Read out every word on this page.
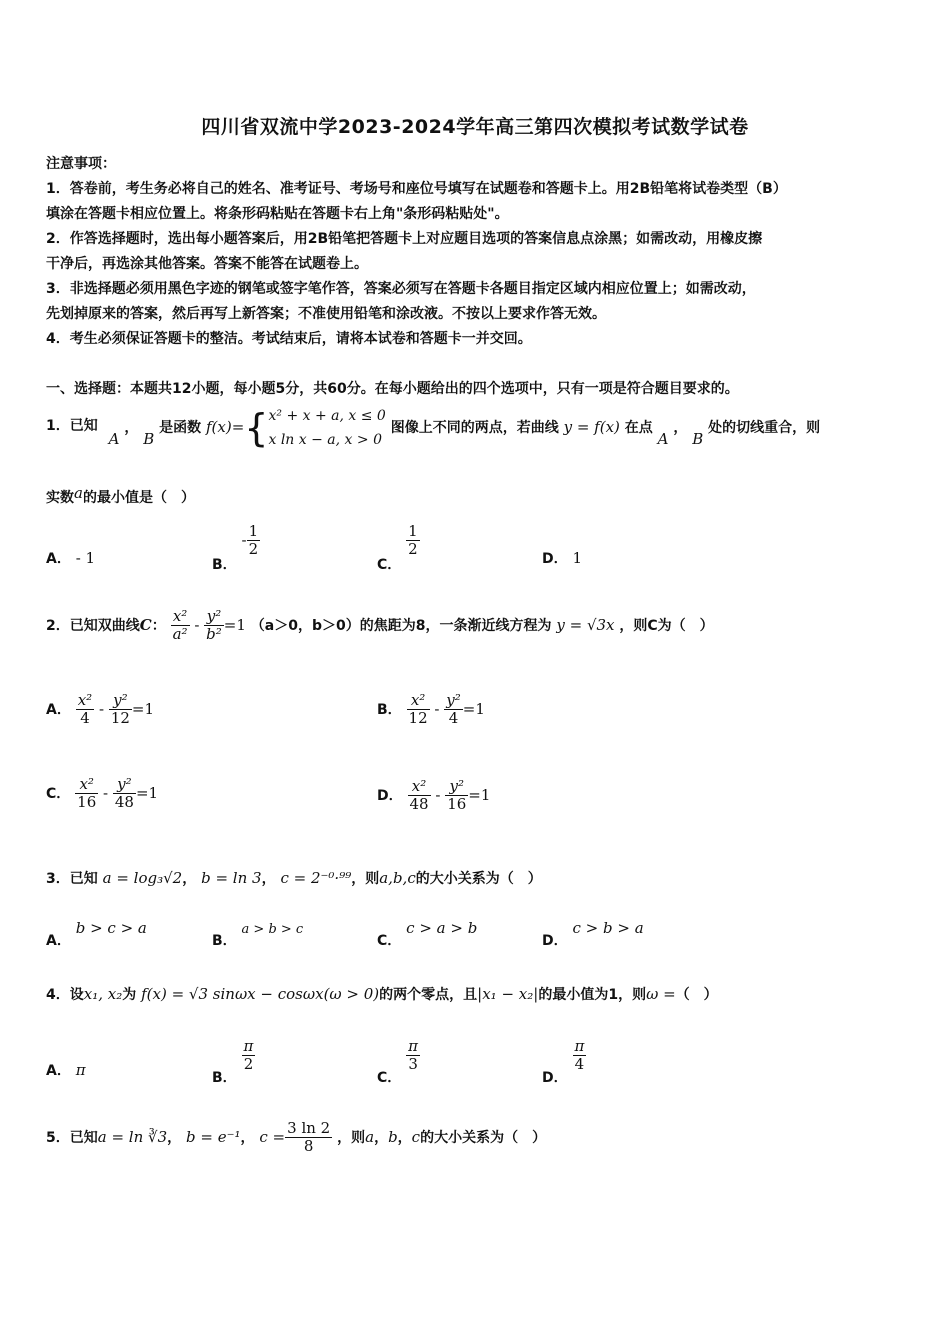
四川省双流中学2023-2024学年高三第四次模拟考试数学试卷
注意事项：
1．答卷前，考生务必将自己的姓名、准考证号、考场号和座位号填写在试题卷和答题卡上。用2B铅笔将试卷类型（B）
填涂在答题卡相应位置上。将条形码粘贴在答题卡右上角"条形码粘贴处"。
2．作答选择题时，选出每小题答案后，用2B铅笔把答题卡上对应题目选项的答案信息点涂黑；如需改动，用橡皮擦
干净后，再选涂其他答案。答案不能答在试题卷上。
3．非选择题必须用黑色字迹的钢笔或签字笔作答，答案必须写在答题卡各题目指定区域内相应位置上；如需改动，
先划掉原来的答案，然后再写上新答案；不准使用铅笔和涂改液。不按以上要求作答无效。
4．考生必须保证答题卡的整洁。考试结束后，请将本试卷和答题卡一并交回。
一、选择题：本题共12小题，每小题5分，共60分。在每小题给出的四个选项中，只有一项是符合题目要求的。
1．已知 A ， B 是函数 f(x)={ x² + x + a, x ≤ 0
x ln x − a, x > 0
图像上不同的两点，若曲线 y = f(x) 在点 A ， B 处的切线重合，则
实数a的最小值是（　）
A． - 1	B． - $\frac{1}{2}$
C．
$\frac{1}{2}$
D． 1
2．已知双曲线C： $\frac{\text{x²}}{\text{a²}} - \frac{\text{y²}}{\text{b²}} =1$ （a＞0，b＞0）的焦距为8，一条渐近线方程为 y = √3x ，则C为（　）
A． $\frac{\text{x²}}{4} - \frac{\text{y²}}{12} =1$	B． $\frac{\text{x²}}{12} - \frac{\text{y²}}{4} =1$
C． $\frac{\text{x²}}{16} - \frac{\text{y²}}{48} =1$	D． $\frac{\text{x²}}{48} - \frac{\text{y²}}{16} =1$
3．已知 a = log₃√2， b = ln 3， c = 2⁻⁰·⁹⁹，则a,b,c的大小关系为（　）
A． b > c > a
B． a > b > c
C． c > a > b
D． c > b > a
4．设x₁, x₂为 f(x) = √3 sinωx − cosωx(ω > 0)的两个零点，且|x₁ − x₂|的最小值为1，则ω =（　）
A． π	B．
$\frac{\pi}{2}$
C．
$\frac{\pi}{3}$
D．
$\frac{\pi}{4}$
5．已知a = ln ∛3， b = e⁻¹， $c = \frac{3 \ln 2}{8}$ ，则a，b，c的大小关系为（　）
